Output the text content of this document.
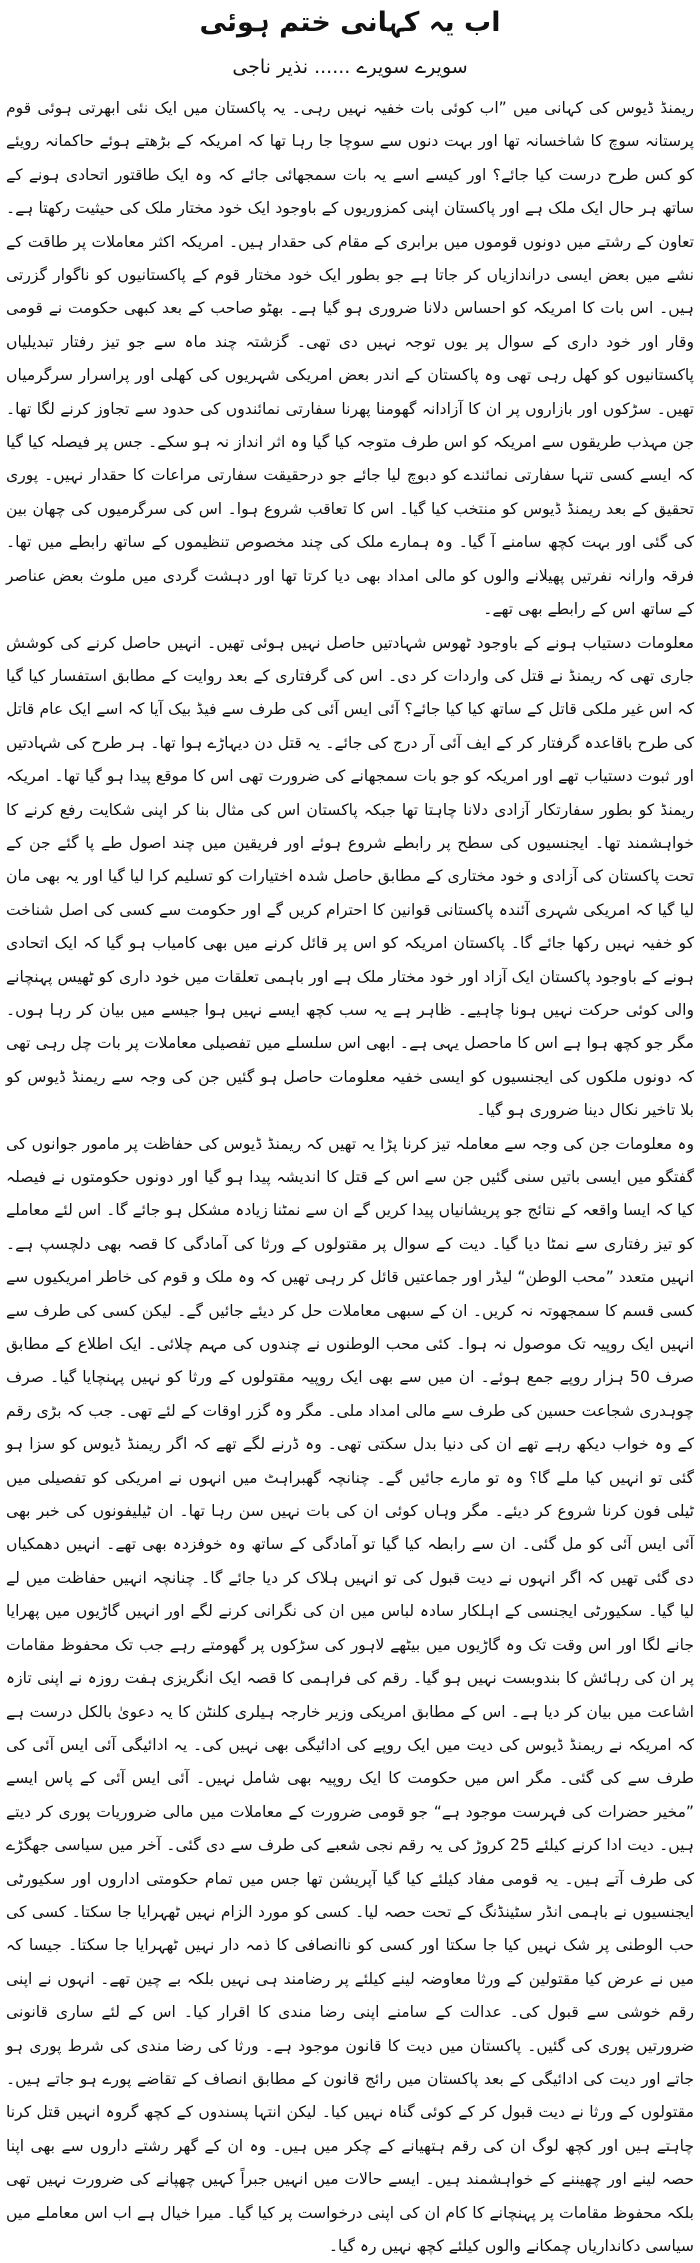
اب یہ کہانی ختم ہوئی
سویرے سویرے ...... نذیر ناجی

ریمنڈ ڈیوس کی کہانی میں ”اب کوئی بات خفیہ نہیں رہی۔ یہ پاکستان میں ایک نئی ابھرتی ہوئی قوم پرستانہ سوچ کا شاخسانہ تھا اور بہت دنوں سے سوچا جا رہا تھا کہ امریکہ کے بڑھتے ہوئے حاکمانہ رویئے کو کس طرح درست کیا جائے؟ اور کیسے اسے یہ بات سمجھائی جائے کہ وہ ایک طاقتور اتحادی ہونے کے ساتھ ہر حال ایک ملک ہے اور پاکستان اپنی کمزوریوں کے باوجود ایک خود مختار ملک کی حیثیت رکھتا ہے۔ تعاون کے رشتے میں دونوں قوموں میں برابری کے مقام کی حقدار ہیں۔ امریکہ اکثر معاملات پر طاقت کے نشے میں بعض ایسی دراندازیاں کر جاتا ہے جو بطور ایک خود مختار قوم کے پاکستانیوں کو ناگوار گزرتی ہیں۔ اس بات کا امریکہ کو احساس دلانا ضروری ہو گیا ہے۔ بھٹو صاحب کے بعد کبھی حکومت نے قومی وقار اور خود داری کے سوال پر یوں توجہ نہیں دی تھی۔ گزشتہ چند ماہ سے جو تیز رفتار تبدیلیاں پاکستانیوں کو کھل رہی تھی وہ پاکستان کے اندر بعض امریکی شہریوں کی کھلی اور پراسرار سرگرمیاں تھیں۔ سڑکوں اور بازاروں پر ان کا آزادانہ گھومنا پھرنا سفارتی نمائندوں کی حدود سے تجاوز کرنے لگا تھا۔ جن مہذب طریقوں سے امریکہ کو اس طرف متوجہ کیا گیا وہ اثر انداز نہ ہو سکے۔ جس پر فیصلہ کیا گیا کہ ایسے کسی تنہا سفارتی نمائندے کو دبوچ لیا جائے جو درحقیقت سفارتی مراعات کا حقدار نہیں۔ پوری تحقیق کے بعد ریمنڈ ڈیوس کو منتخب کیا گیا۔ اس کا تعاقب شروع ہوا۔ اس کی سرگرمیوں کی چھان بین کی گئی اور بہت کچھ سامنے آ گیا۔ وہ ہمارے ملک کی چند مخصوص تنظیموں کے ساتھ رابطے میں تھا۔ فرقہ وارانہ نفرتیں پھیلانے والوں کو مالی امداد بھی دیا کرتا تھا اور دہشت گردی میں ملوث بعض عناصر کے ساتھ اس کے رابطے بھی تھے۔

معلومات دستیاب ہونے کے باوجود ٹھوس شہادتیں حاصل نہیں ہوئی تھیں۔ انہیں حاصل کرنے کی کوشش جاری تھی کہ ریمنڈ نے قتل کی واردات کر دی۔ اس کی گرفتاری کے بعد روایت کے مطابق استفسار کیا گیا کہ اس غیر ملکی قاتل کے ساتھ کیا کیا جائے؟ آئی ایس آئی کی طرف سے فیڈ بیک آیا کہ اسے ایک عام قاتل کی طرح باقاعدہ گرفتار کر کے ایف آئی آر درج کی جائے۔ یہ قتل دن دیہاڑے ہوا تھا۔ ہر طرح کی شہادتیں اور ثبوت دستیاب تھے اور امریکہ کو جو بات سمجھانے کی ضرورت تھی اس کا موقع پیدا ہو گیا تھا۔ امریکہ ریمنڈ کو بطور سفارتکار آزادی دلانا چاہتا تھا جبکہ پاکستان اس کی مثال بنا کر اپنی شکایت رفع کرنے کا خواہشمند تھا۔ ایجنسیوں کی سطح پر رابطے شروع ہوئے اور فریقین میں چند اصول طے پا گئے جن کے تحت پاکستان کی آزادی و خود مختاری کے مطابق حاصل شدہ اختیارات کو تسلیم کرا لیا گیا اور یہ بھی مان لیا گیا کہ امریکی شہری آئندہ پاکستانی قوانین کا احترام کریں گے اور حکومت سے کسی کی اصل شناخت کو خفیہ نہیں رکھا جائے گا۔ پاکستان امریکہ کو اس پر قائل کرنے میں بھی کامیاب ہو گیا کہ ایک اتحادی ہونے کے باوجود پاکستان ایک آزاد اور خود مختار ملک ہے اور باہمی تعلقات میں خود داری کو ٹھیس پہنچانے والی کوئی حرکت نہیں ہونا چاہیے۔ ظاہر ہے یہ سب کچھ ایسے نہیں ہوا جیسے میں بیان کر رہا ہوں۔ مگر جو کچھ ہوا ہے اس کا ماحصل یہی ہے۔ ابھی اس سلسلے میں تفصیلی معاملات پر بات چل رہی تھی کہ دونوں ملکوں کی ایجنسیوں کو ایسی خفیہ معلومات حاصل ہو گئیں جن کی وجہ سے ریمنڈ ڈیوس کو بلا تاخیر نکال دینا ضروری ہو گیا۔

وہ معلومات جن کی وجہ سے معاملہ تیز کرنا پڑا یہ تھیں کہ ریمنڈ ڈیوس کی حفاظت پر مامور جوانوں کی گفتگو میں ایسی باتیں سنی گئیں جن سے اس کے قتل کا اندیشہ پیدا ہو گیا اور دونوں حکومتوں نے فیصلہ کیا کہ ایسا واقعہ کے نتائج جو پریشانیاں پیدا کریں گے ان سے نمٹنا زیادہ مشکل ہو جائے گا۔ اس لئے معاملے کو تیز رفتاری سے نمٹا دیا گیا۔ دیت کے سوال پر مقتولوں کے ورثا کی آمادگی کا قصہ بھی دلچسپ ہے۔ انہیں متعدد ”محب الوطن“ لیڈر اور جماعتیں قائل کر رہی تھیں کہ وہ ملک و قوم کی خاطر امریکیوں سے کسی قسم کا سمجھوتہ نہ کریں۔ ان کے سبھی معاملات حل کر دیئے جائیں گے۔ لیکن کسی کی طرف سے انہیں ایک روپیہ تک موصول نہ ہوا۔ کئی محب الوطنوں نے چندوں کی مہم چلائی۔ ایک اطلاع کے مطابق صرف 50 ہزار روپے جمع ہوئے۔ ان میں سے بھی ایک روپیہ مقتولوں کے ورثا کو نہیں پہنچایا گیا۔ صرف چوہدری شجاعت حسین کی طرف سے مالی امداد ملی۔ مگر وہ گزر اوقات کے لئے تھی۔ جب کہ بڑی رقم کے وہ خواب دیکھ رہے تھے ان کی دنیا بدل سکتی تھی۔ وہ ڈرنے لگے تھے کہ اگر ریمنڈ ڈیوس کو سزا ہو گئی تو انہیں کیا ملے گا؟ وہ تو مارے جائیں گے۔ چنانچہ گھبراہٹ میں انہوں نے امریکی کو تفصیلی میں ٹیلی فون کرنا شروع کر دیئے۔ مگر وہاں کوئی ان کی بات نہیں سن رہا تھا۔ ان ٹیلیفونوں کی خبر بھی آئی ایس آئی کو مل گئی۔ ان سے رابطہ کیا گیا تو آمادگی کے ساتھ وہ خوفزدہ بھی تھے۔ انہیں دھمکیاں دی گئی تھیں کہ اگر انہوں نے دیت قبول کی تو انہیں ہلاک کر دیا جائے گا۔ چنانچہ انہیں حفاظت میں لے لیا گیا۔ سکیورٹی ایجنسی کے اہلکار سادہ لباس میں ان کی نگرانی کرنے لگے اور انہیں گاڑیوں میں پھرایا جانے لگا اور اس وقت تک وہ گاڑیوں میں بیٹھے لاہور کی سڑکوں پر گھومتے رہے جب تک محفوظ مقامات پر ان کی رہائش کا بندوبست نہیں ہو گیا۔ رقم کی فراہمی کا قصہ ایک انگریزی ہفت روزہ نے اپنی تازہ اشاعت میں بیان کر دیا ہے۔ اس کے مطابق امریکی وزیر خارجہ ہیلری کلنٹن کا یہ دعویٰ بالکل درست ہے کہ امریکہ نے ریمنڈ ڈیوس کی دیت میں ایک روپے کی ادائیگی بھی نہیں کی۔ یہ ادائیگی آئی ایس آئی کی طرف سے کی گئی۔ مگر اس میں حکومت کا ایک روپیہ بھی شامل نہیں۔ آئی ایس آئی کے پاس ایسے ”مخیر حضرات کی فہرست موجود ہے“ جو قومی ضرورت کے معاملات میں مالی ضروریات پوری کر دیتے ہیں۔ دیت ادا کرنے کیلئے 25 کروڑ کی یہ رقم نجی شعبے کی طرف سے دی گئی۔ آخر میں سیاسی جھگڑے کی طرف آتے ہیں۔ یہ قومی مفاد کیلئے کیا گیا آپریشن تھا جس میں تمام حکومتی اداروں اور سکیورٹی ایجنسیوں نے باہمی انڈر سٹینڈنگ کے تحت حصہ لیا۔ کسی کو مورد الزام نہیں ٹھہرایا جا سکتا۔ کسی کی حب الوطنی پر شک نہیں کیا جا سکتا اور کسی کو ناانصافی کا ذمہ دار نہیں ٹھہرایا جا سکتا۔ جیسا کہ میں نے عرض کیا مقتولین کے ورثا معاوضہ لینے کیلئے پر رضامند ہی نہیں بلکہ بے چین تھے۔ انہوں نے اپنی رقم خوشی سے قبول کی۔ عدالت کے سامنے اپنی رضا مندی کا اقرار کیا۔ اس کے لئے ساری قانونی ضرورتیں پوری کی گئیں۔ پاکستان میں دیت کا قانون موجود ہے۔ ورثا کی رضا مندی کی شرط پوری ہو جاتے اور دیت کی ادائیگی کے بعد پاکستان میں رائج قانون کے مطابق انصاف کے تقاضے پورے ہو جاتے ہیں۔ مقتولوں کے ورثا نے دیت قبول کر کے کوئی گناہ نہیں کیا۔ لیکن انتہا پسندوں کے کچھ گروہ انہیں قتل کرنا چاہتے ہیں اور کچھ لوگ ان کی رقم ہتھیانے کے چکر میں ہیں۔ وہ ان کے گھر رشتے داروں سے بھی اپنا حصہ لینے اور چھیننے کے خواہشمند ہیں۔ ایسے حالات میں انہیں جبراً کہیں چھپانے کی ضرورت نہیں تھی بلکہ محفوظ مقامات پر پہنچانے کا کام ان کی اپنی درخواست پر کیا گیا۔ میرا خیال ہے اب اس معاملے میں سیاسی دکانداریاں چمکانے والوں کیلئے کچھ نہیں رہ گیا۔
